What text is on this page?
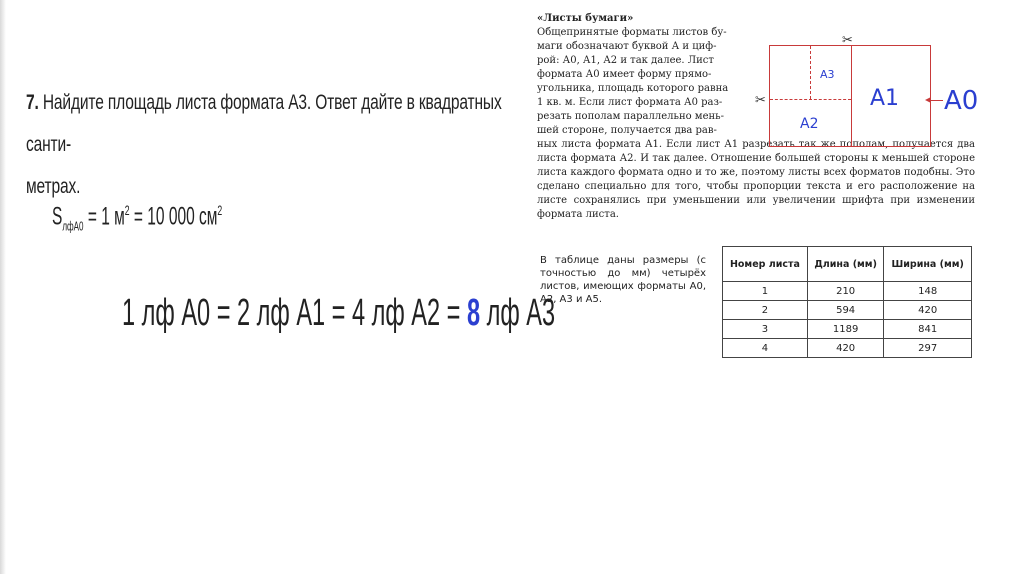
7. Найдите площадь листа формата А3. Ответ дайте в квадратных санти-
метрах.
$S_{лфА0} = 1$ $м^2 = 10$ 000 $см^2$
1 лф А0 = 2 лф А1 = 4 лф А2 = 8 лф А3
«Листы бумаги»
Общепринятые форматы листов бу-
маги обозначают буквой А и циф-
рой: А0, А1, А2 и так далее. Лист
формата А0 имеет форму прямо-
угольника, площадь которого равна
1 кв. м. Если лист формата А0 раз-
резать пополам параллельно мень-
шей стороне, получается два рав-
ных листа формата А1. Если лист А1 разрезать так же пополам, получается два листа формата А2. И так далее. Отношение большей стороны к меньшей стороне листа каждого формата одно и то же, поэтому листы всех форматов подобны. Это сделано специально для того, чтобы пропорции текста и его расположение на листе сохранялись при уменьшении или увеличении шрифта при изменении формата листа.
А3
А2
А1
✂
✂	А0
В таблице даны размеры (с точностью до мм) четырёх листов, имеющих форматы А0, А2, А3 и А5.
Номер листа	Длина (мм)	Ширина (мм)
1	210	148
2	594	420
3	1189	841
4	420	297
